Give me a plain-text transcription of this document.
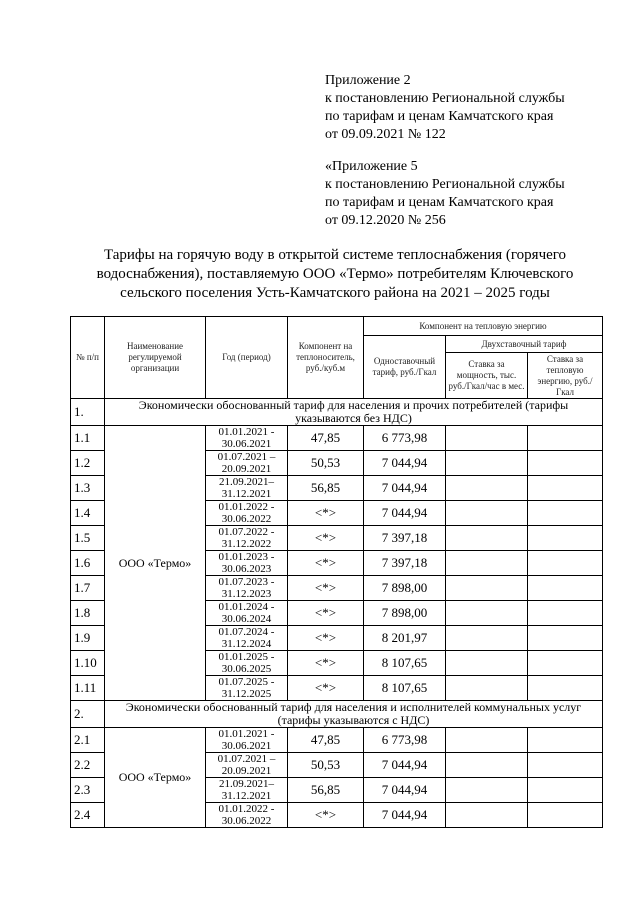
Приложение 2
к постановлению Региональной службы
по тарифам и ценам Камчатского края
от 09.09.2021 № 122
«Приложение 5
к постановлению Региональной службы
по тарифам и ценам Камчатского края
от 09.12.2020 № 256
Тарифы на горячую воду в открытой системе теплоснабжения (горячего
водоснабжения), поставляемую ООО «Термо» потребителям Ключевского
сельского поселения Усть-Камчатского района на 2021 – 2025 годы
№ п/п	Наименование регулируемой организации	Год (период)	Компонент на теплоноситель, руб./куб.м	Компонент на тепловую энергию		
				Одноставочный тариф, руб./Гкал	Двухставочный тариф	
					Ставка за мощность, тыс. руб./Гкал/час в мес.	Ставка за тепловую энергию, руб./Гкал
1.	Экономически обоснованный тариф для населения и прочих потребителей (тарифы указываются без НДС)					
1.1	ООО «Термо»	01.01.2021 - 30.06.2021	47,85	6 773,98		
1.2		01.07.2021 – 20.09.2021	50,53	7 044,94		
1.3		21.09.2021– 31.12.2021	56,85	7 044,94		
1.4		01.01.2022 - 30.06.2022	<*>	7 044,94		
1.5		01.07.2022 - 31.12.2022	<*>	7 397,18		
1.6		01.01.2023 - 30.06.2023	<*>	7 397,18		
1.7		01.07.2023 - 31.12.2023	<*>	7 898,00		
1.8		01.01.2024 - 30.06.2024	<*>	7 898,00		
1.9		01.07.2024 - 31.12.2024	<*>	8 201,97		
1.10		01.01.2025 - 30.06.2025	<*>	8 107,65		
1.11		01.07.2025 - 31.12.2025	<*>	8 107,65		
2.	Экономически обоснованный тариф для населения и исполнителей коммунальных услуг (тарифы указываются с НДС)					
2.1	ООО «Термо»	01.01.2021 - 30.06.2021	47,85	6 773,98		
2.2		01.07.2021 – 20.09.2021	50,53	7 044,94		
2.3		21.09.2021– 31.12.2021	56,85	7 044,94		
2.4		01.01.2022 - 30.06.2022	<*>	7 044,94		
